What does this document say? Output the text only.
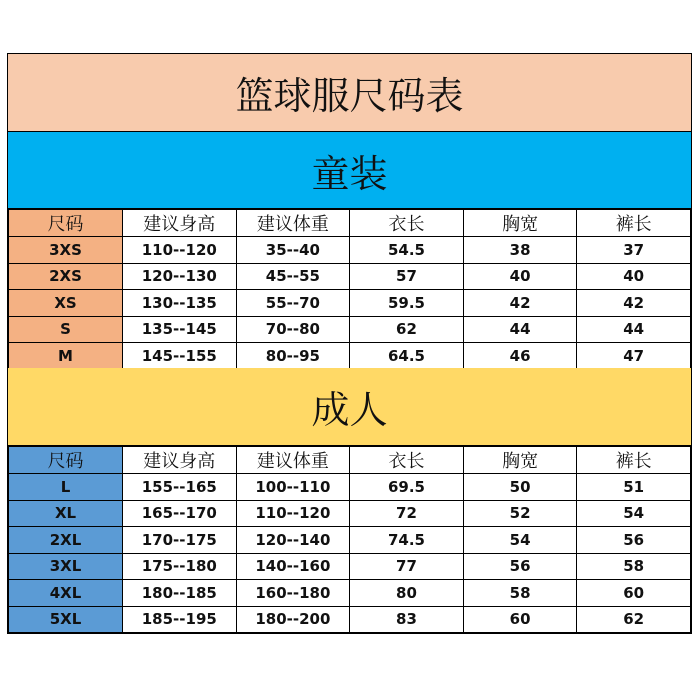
篮球服尺码表
童装
尺码	建议身高	建议体重	衣长	胸宽	裤长
3XS	110--120	35--40	54.5	38	37
2XS	120--130	45--55	57	40	40
XS	130--135	55--70	59.5	42	42
S	135--145	70--80	62	44	44
M	145--155	80--95	64.5	46	47
成人
尺码	建议身高	建议体重	衣长	胸宽	裤长
L	155--165	100--110	69.5	50	51
XL	165--170	110--120	72	52	54
2XL	170--175	120--140	74.5	54	56
3XL	175--180	140--160	77	56	58
4XL	180--185	160--180	80	58	60
5XL	185--195	180--200	83	60	62
